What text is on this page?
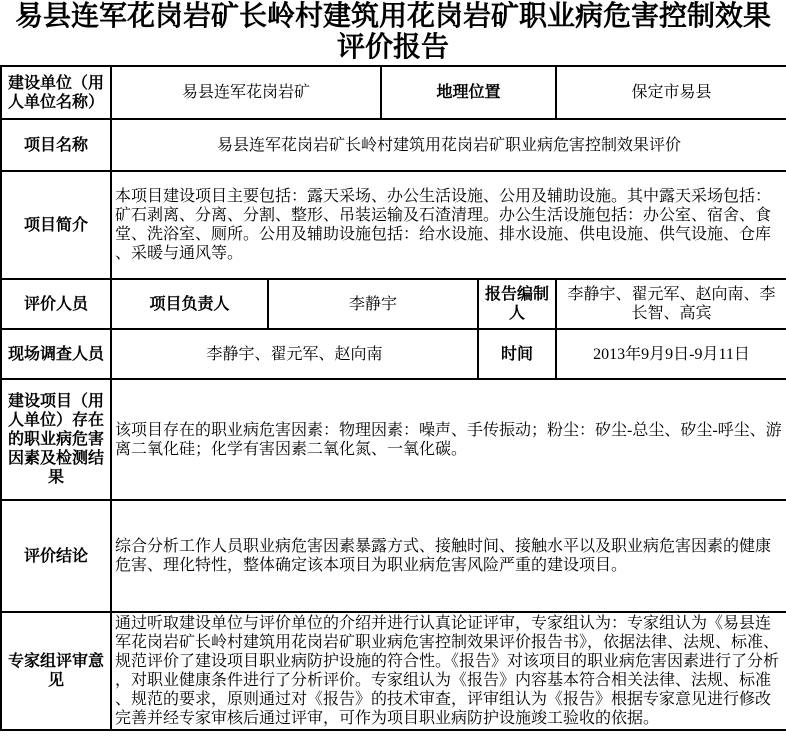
易县连军花岗岩矿长岭村建筑用花岗岩矿职业病危害控制效果评价报告
建设单位（用人单位名称）	易县连军花岗岩矿		地理位置		保定市易县
项目名称	易县连军花岗岩矿长岭村建筑用花岗岩矿职业病危害控制效果评价				
项目简介	本项目建设项目主要包括：露天采场、办公生活设施、公用及辅助设施。其中露天采场包括：矿石剥离、分离、分割、整形、吊装运输及石渣清理。办公生活设施包括：办公室、宿舍、食堂、洗浴室、厕所。公用及辅助设施包括：给水设施、排水设施、供电设施、供气设施、仓库、采暖与通风等。				
评价人员	项目负责人	李静宇		报告编制人	李静宇、翟元军、赵向南、李长智、高宾
现场调查人员	李静宇、翟元军、赵向南			时间	2013年9月9日-9月11日
建设项目（用人单位）存在的职业病危害因素及检测结果	该项目存在的职业病危害因素：物理因素：噪声、手传振动；粉尘：矽尘-总尘、矽尘-呼尘、游离二氧化硅；化学有害因素二氧化氮、一氧化碳。				
评价结论	综合分析工作人员职业病危害因素暴露方式、接触时间、接触水平以及职业病危害因素的健康危害、理化特性，整体确定该本项目为职业病危害风险严重的建设项目。				
专家组评审意见	通过听取建设单位与评价单位的介绍并进行认真论证评审，专家组认为：专家组认为《易县连军花岗岩矿长岭村建筑用花岗岩矿职业病危害控制效果评价报告书》，依据法律、法规、标准、规范评价了建设项目职业病防护设施的符合性。《报告》对该项目的职业病危害因素进行了分析，对职业健康条件进行了分析评价。专家组认为《报告》内容基本符合相关法律、法规、标准、规范的要求，原则通过对《报告》的技术审查，评审组认为《报告》根据专家意见进行修改完善并经专家审核后通过评审，可作为项目职业病防护设施竣工验收的依据。				
